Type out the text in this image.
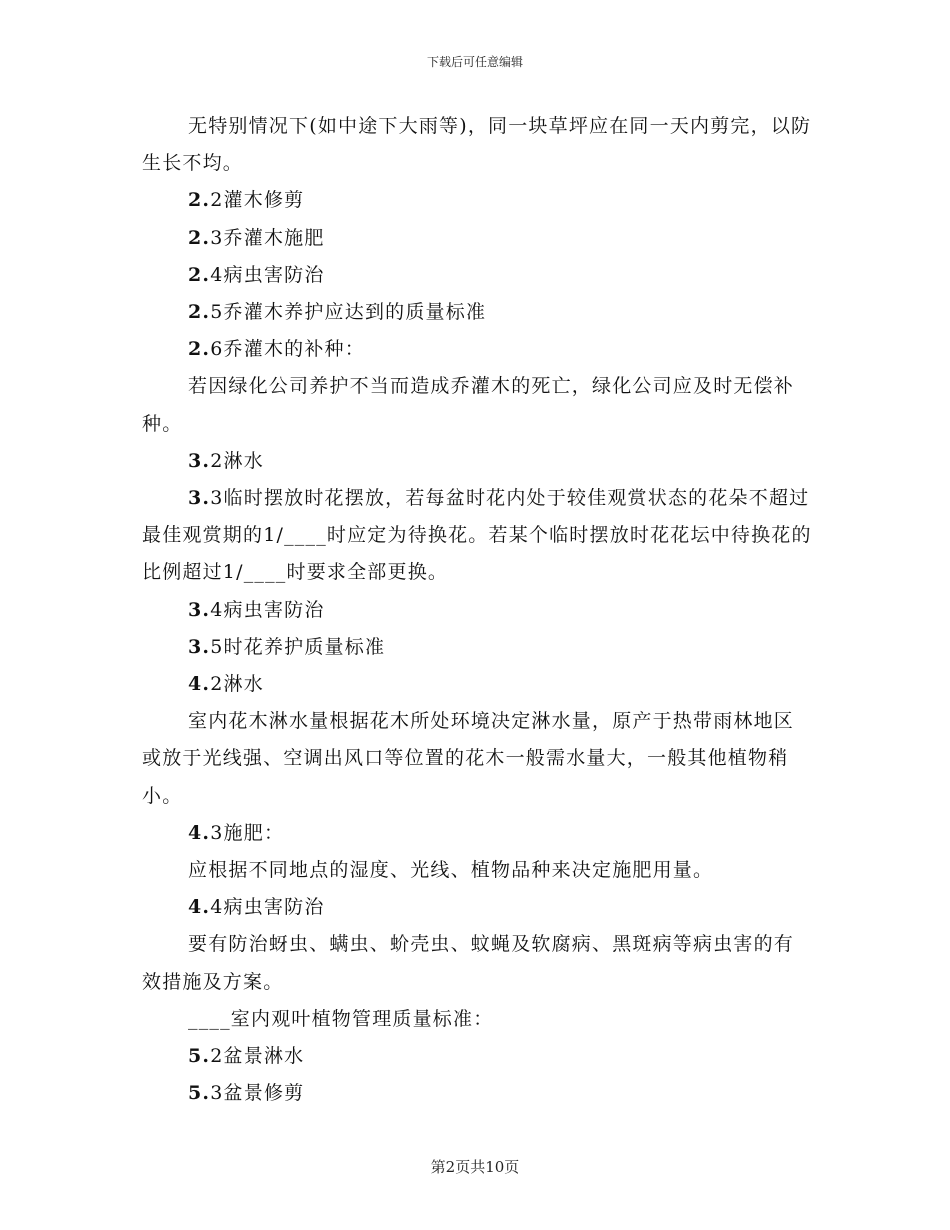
下载后可任意编辑

无特别情况下(如中途下大雨等)，同一块草坪应在同一天内剪完，以防生长不均。

2.2灌木修剪

2.3乔灌木施肥

2.4病虫害防治

2.5乔灌木养护应达到的质量标准

2.6乔灌木的补种：

若因绿化公司养护不当而造成乔灌木的死亡，绿化公司应及时无偿补种。

3.2淋水

3.3临时摆放时花摆放，若每盆时花内处于较佳观赏状态的花朵不超过最佳观赏期的1/____时应定为待换花。若某个临时摆放时花花坛中待换花的比例超过1/____时要求全部更换。

3.4病虫害防治

3.5时花养护质量标准

4.2淋水

室内花木淋水量根据花木所处环境决定淋水量，原产于热带雨林地区或放于光线强、空调出风口等位置的花木一般需水量大，一般其他植物稍小。

4.3施肥：

应根据不同地点的湿度、光线、植物品种来决定施肥用量。

4.4病虫害防治

要有防治蚜虫、螨虫、蚧壳虫、蚊蝇及软腐病、黑斑病等病虫害的有效措施及方案。

____室内观叶植物管理质量标准：

5.2盆景淋水

5.3盆景修剪

第2页共10页
